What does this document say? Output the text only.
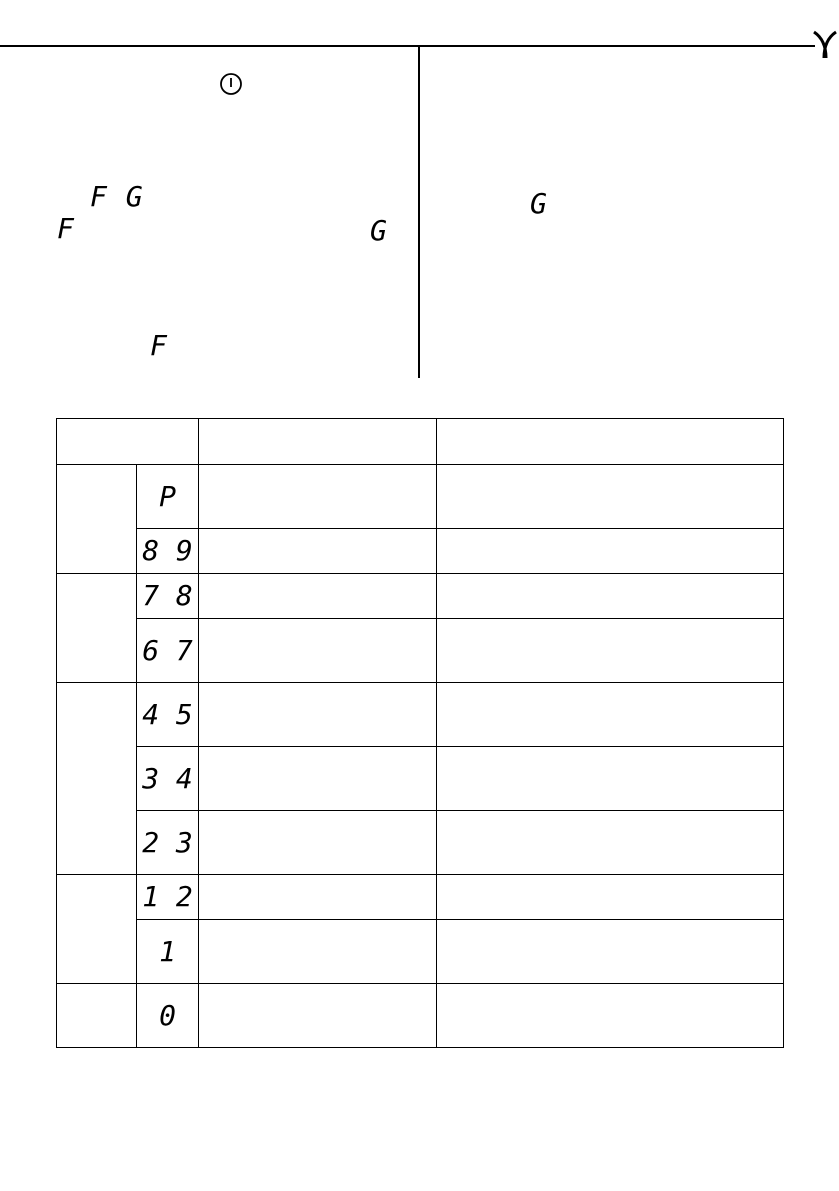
F G
F	G
F
G

	P		
	8 9		
	7 8		
	6 7		
	4 5		
	3 4		
	2 3		
	1 2		
	1		
	0		
